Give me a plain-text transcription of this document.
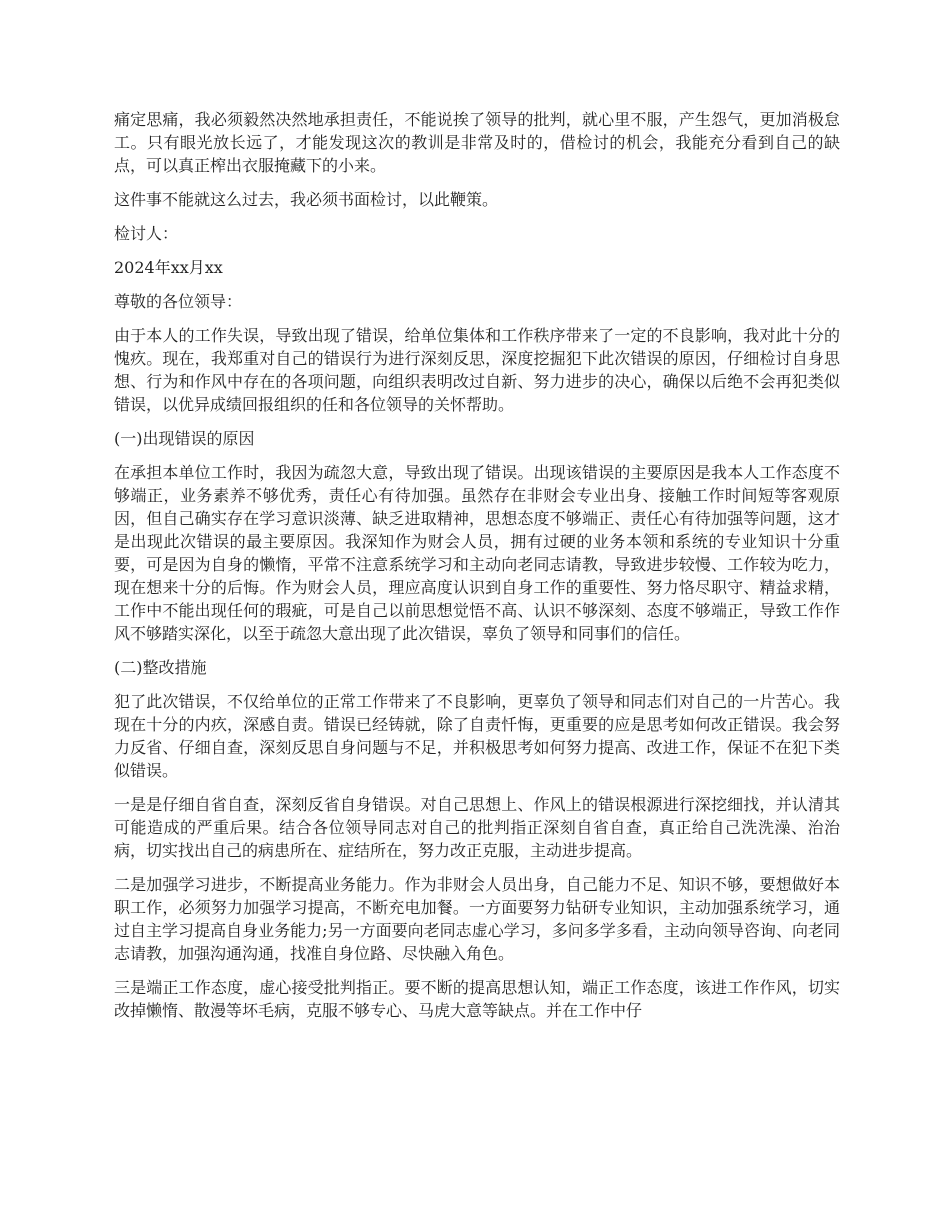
痛定思痛，我必须毅然决然地承担责任，不能说挨了领导的批判，就心里不服，产生怨气，更加消极怠工。只有眼光放长远了，才能发现这次的教训是非常及时的，借检讨的机会，我能充分看到自己的缺点，可以真正榨出衣服掩藏下的小来。

这件事不能就这么过去，我必须书面检讨，以此鞭策。

检讨人：

2024年xx月xx

尊敬的各位领导：

由于本人的工作失误，导致出现了错误，给单位集体和工作秩序带来了一定的不良影响，我对此十分的愧疚。现在，我郑重对自己的错误行为进行深刻反思，深度挖掘犯下此次错误的原因，仔细检讨自身思想、行为和作风中存在的各项问题，向组织表明改过自新、努力进步的决心，确保以后绝不会再犯类似错误，以优异成绩回报组织的任和各位领导的关怀帮助。

(一)出现错误的原因

在承担本单位工作时，我因为疏忽大意，导致出现了错误。出现该错误的主要原因是我本人工作态度不够端正，业务素养不够优秀，责任心有待加强。虽然存在非财会专业出身、接触工作时间短等客观原因，但自己确实存在学习意识淡薄、缺乏进取精神，思想态度不够端正、责任心有待加强等问题，这才是出现此次错误的最主要原因。我深知作为财会人员，拥有过硬的业务本领和系统的专业知识十分重要，可是因为自身的懒惰，平常不注意系统学习和主动向老同志请教，导致进步较慢、工作较为吃力，现在想来十分的后悔。作为财会人员，理应高度认识到自身工作的重要性、努力恪尽职守、精益求精，工作中不能出现任何的瑕疵，可是自己以前思想觉悟不高、认识不够深刻、态度不够端正，导致工作作风不够踏实深化，以至于疏忽大意出现了此次错误，辜负了领导和同事们的信任。

(二)整改措施

犯了此次错误，不仅给单位的正常工作带来了不良影响，更辜负了领导和同志们对自己的一片苦心。我现在十分的内疚，深感自责。错误已经铸就，除了自责忏悔，更重要的应是思考如何改正错误。我会努力反省、仔细自查，深刻反思自身问题与不足，并积极思考如何努力提高、改进工作，保证不在犯下类似错误。

一是是仔细自省自查，深刻反省自身错误。对自己思想上、作风上的错误根源进行深挖细找，并认清其可能造成的严重后果。结合各位领导同志对自己的批判指正深刻自省自查，真正给自己洗洗澡、治治病，切实找出自己的病患所在、症结所在，努力改正克服，主动进步提高。

二是加强学习进步，不断提高业务能力。作为非财会人员出身，自己能力不足、知识不够，要想做好本职工作，必须努力加强学习提高，不断充电加餐。一方面要努力钻研专业知识，主动加强系统学习，通过自主学习提高自身业务能力;另一方面要向老同志虚心学习，多问多学多看，主动向领导咨询、向老同志请教，加强沟通沟通，找准自身位路、尽快融入角色。

三是端正工作态度，虚心接受批判指正。要不断的提高思想认知，端正工作态度，该进工作作风，切实改掉懒惰、散漫等坏毛病，克服不够专心、马虎大意等缺点。并在工作中仔
